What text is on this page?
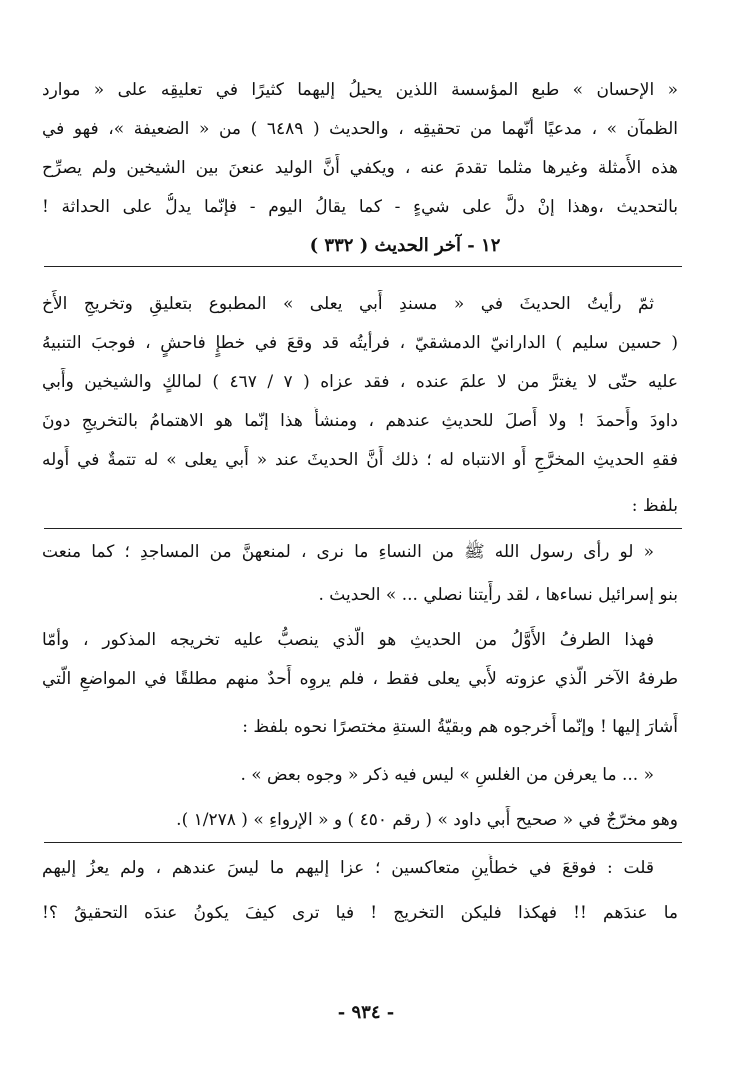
« الإحسان » طبع المؤسسة اللذين يحيلُ إليهما كثيرًا في تعليقِه على « موارد
الظمآن » ، مدعيًا أنّهما من تحقيقِه ، والحديث ( ٦٤٨٩ ) من « الضعيفة »، فهو في
هذه الأَمثلة وغيرها مثلما تقدمَ عنه ، ويكفي أَنَّ الوليد عنعنَ بين الشيخين ولم يصرِّح
بالتحديث ،وهذا إنْ دلَّ على شيءٍ - كما يقالُ اليوم - فإنّما يدلُّ على الحداثة !
١٢ - آخر الحديث ( ٣٣٢ )
ثمّ رأيتُ الحديثَ في « مسندِ أَبي يعلى » المطبوع بتعليقِ وتخريجِ الأَخ
( حسين سليم ) الدارانيّ الدمشقيّ ، فرأيتُه قد وقعَ في خطإٍ فاحشٍ ، فوجبَ التنبيهُ
عليه حتّى لا يغترَّ من لا علمَ عنده ، فقد عزاه ( ٧ / ٤٦٧ ) لمالكٍ والشيخين وأَبي
داودَ وأَحمدَ ! ولا أَصلَ للحديثِ عندهم ، ومنشأُ هذا إنّما هو الاهتمامُ بالتخريجِ دونَ
فقهِ الحديثِ المخرَّجِ أَو الانتباه له ؛ ذلك أَنَّ الحديثَ عند « أَبي يعلى » له تتمةٌ في أَوله
بلفظ :
« لو رأى رسول الله ﷺ من النساءِ ما نرى ، لمنعهنَّ من المساجدِ ؛ كما منعت
بنو إسرائيل نساءها ، لقد رأَيتنا نصلي ... » الحديث .
فهذا الطرفُ الأَوَّلُ من الحديثِ هو الّذي ينصبُّ عليه تخريجه المذكور ، وأمّا
طرفهُ الآخر الّذي عزوته لأَبي يعلى فقط ، فلم يروِه أَحدٌ منهم مطلقًا في المواضعِ الّتي
أَشارَ إليها ! وإنّما أَخرجوه هم وبقيّةُ الستةِ مختصرًا نحوه بلفظ :
« ... ما يعرفن من الغلسِ » ليس فيه ذكر « وجوه بعض » .
وهو مخرّجٌ في « صحيح أَبي داود » ( رقم ٤٥٠ ) و « الإرواءِ » ( ١/٢٧٨ ).
قلت : فوقعَ في خطأَينِ متعاكسين ؛ عزا إليهم ما ليسَ عندهم ، ولم يعزُ إليهم
ما عندَهم !! فهكذا فليكن التخريج ! فيا ترى كيفَ يكونُ عندَه التحقيقُ ؟!
- ٩٣٤ -
